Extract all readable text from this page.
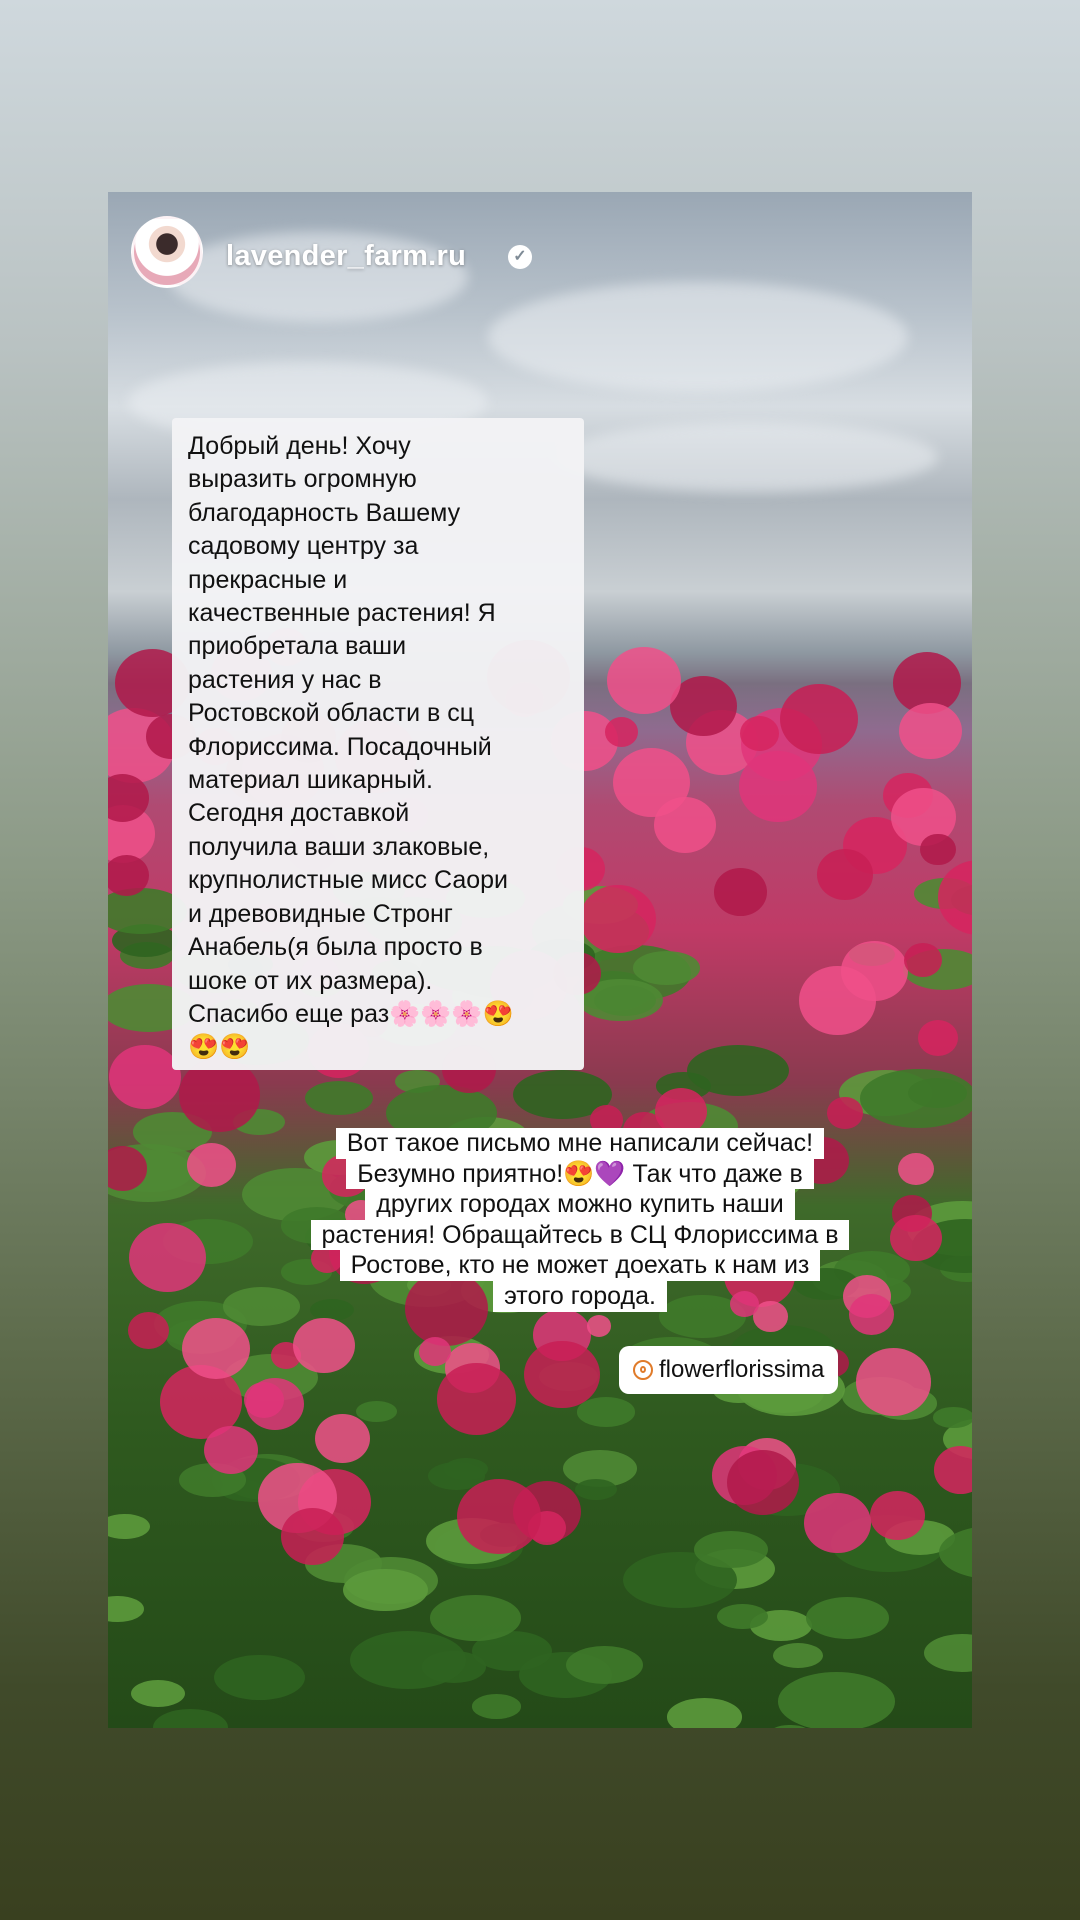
lavender_farm.ru	✓

Добрый день! Хочу
выразить огромную
благодарность Вашему
садовому центру за
прекрасные и
качественные растения! Я
приобретала ваши
растения у нас в
Ростовской области в сц
Флориссима. Посадочный
материал шикарный.
Сегодня доставкой
получила ваши злаковые,
крупнолистные мисс Саори
и древовидные Стронг
Анабель(я была просто в
шоке от их размера).
Спасибо еще раз🌸🌸🌸😍
😍😍

Вот такое письмо мне написали сейчас!
Безумно приятно!😍💜 Так что даже в
других городах можно купить наши
растения! Обращайтесь в СЦ Флориссима в
Ростове, кто не может доехать к нам из
этого города.
flowerflorissima
